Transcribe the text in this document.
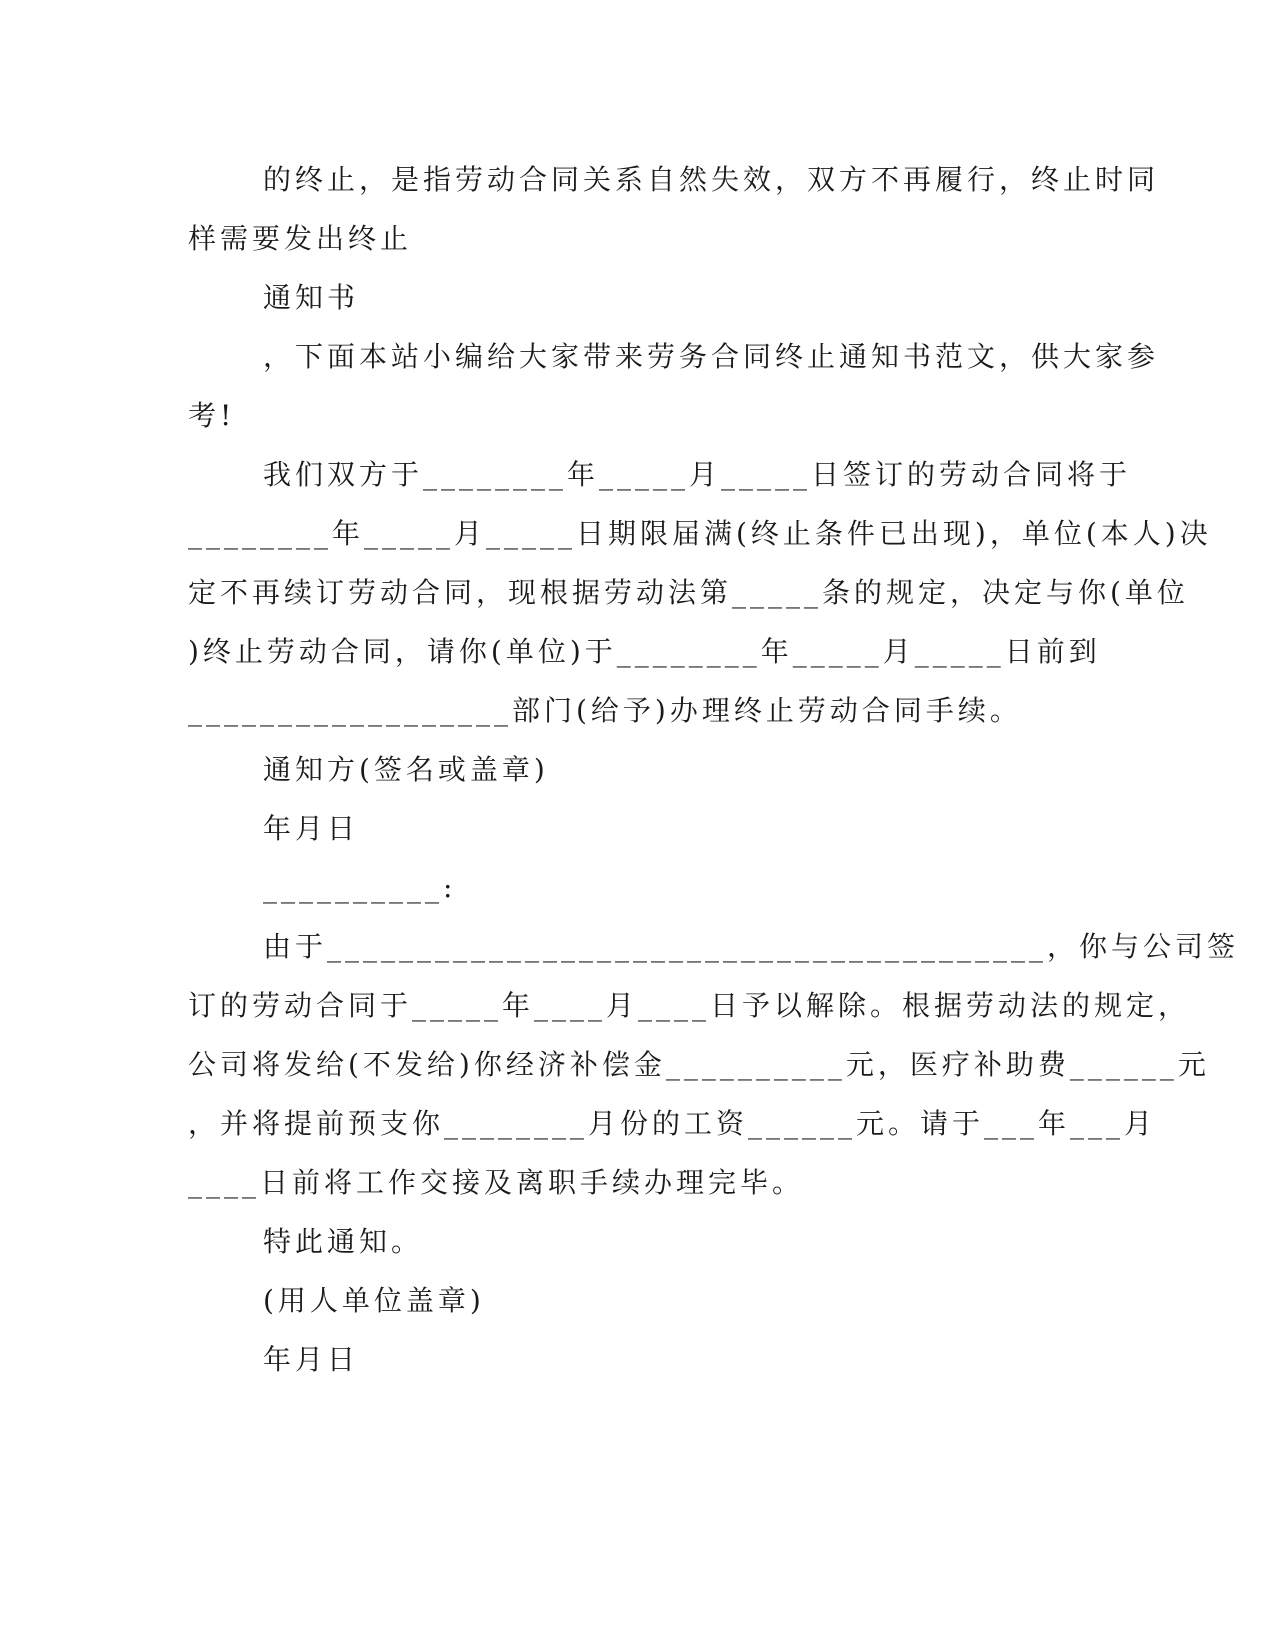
的终止，是指劳动合同关系自然失效，双方不再履行，终止时同
样需要发出终止
通知书
，下面本站小编给大家带来劳务合同终止通知书范文，供大家参
考!
我们双方于________年_____月_____日签订的劳动合同将于
________年_____月_____日期限届满(终止条件已出现)，单位(本人)决
定不再续订劳动合同，现根据劳动法第_____条的规定，决定与你(单位
)终止劳动合同，请你(单位)于________年_____月_____日前到
__________________部门(给予)办理终止劳动合同手续。
通知方(签名或盖章)
年月日
__________:
由于________________________________________，你与公司签
订的劳动合同于_____年____月____日予以解除。根据劳动法的规定，
公司将发给(不发给)你经济补偿金__________元，医疗补助费______元
，并将提前预支你________月份的工资______元。请于___年___月
____日前将工作交接及离职手续办理完毕。
特此通知。
(用人单位盖章)
年月日
